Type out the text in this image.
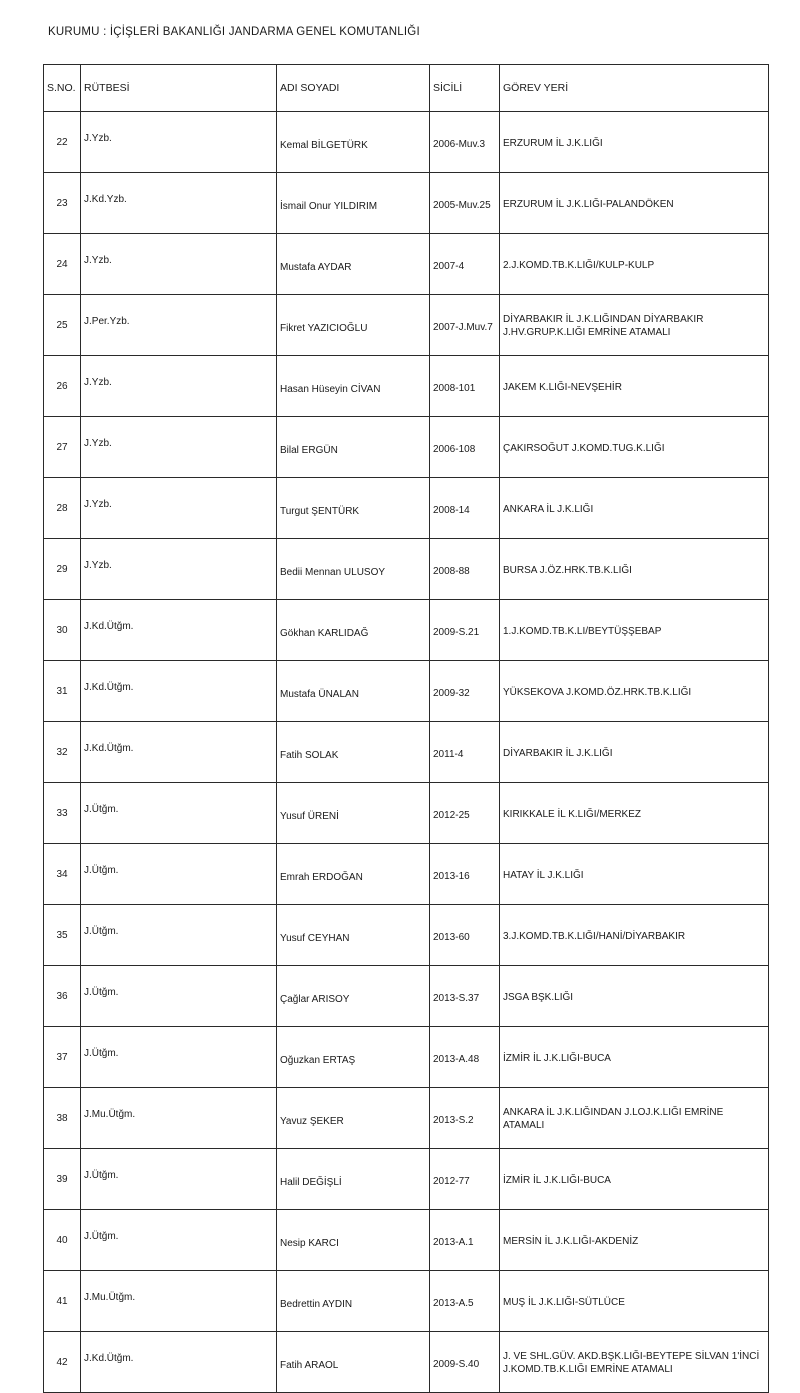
KURUMU : İÇİŞLERİ BAKANLIĞI JANDARMA GENEL KOMUTANLIĞI
S.NO.	RÜTBESİ	ADI SOYADI	SİCİLİ	GÖREV YERİ
22	J.Yzb.	Kemal BİLGETÜRK	2006-Muv.3	ERZURUM İL J.K.LIĞI
23	J.Kd.Yzb.	İsmail Onur YILDIRIM	2005-Muv.25	ERZURUM İL J.K.LIĞI-PALANDÖKEN
24	J.Yzb.	Mustafa AYDAR	2007-4	2.J.KOMD.TB.K.LIĞI/KULP-KULP
25	J.Per.Yzb.	Fikret YAZICIOĞLU	2007-J.Muv.7	DİYARBAKIR İL J.K.LIĞINDAN DİYARBAKIR J.HV.GRUP.K.LIĞI EMRİNE ATAMALI
26	J.Yzb.	Hasan Hüseyin CİVAN	2008-101	JAKEM K.LIĞI-NEVŞEHİR
27	J.Yzb.	Bilal ERGÜN	2006-108	ÇAKIRSOĞUT J.KOMD.TUG.K.LIĞI
28	J.Yzb.	Turgut ŞENTÜRK	2008-14	ANKARA İL J.K.LIĞI
29	J.Yzb.	Bedii Mennan ULUSOY	2008-88	BURSA J.ÖZ.HRK.TB.K.LIĞI
30	J.Kd.Ütğm.	Gökhan KARLIDAĞ	2009-S.21	1.J.KOMD.TB.K.LI/BEYTÜŞŞEBAP
31	J.Kd.Ütğm.	Mustafa ÜNALAN	2009-32	YÜKSEKOVA J.KOMD.ÖZ.HRK.TB.K.LIĞI
32	J.Kd.Ütğm.	Fatih SOLAK	2011-4	DİYARBAKIR İL J.K.LIĞI
33	J.Ütğm.	Yusuf ÜRENİ	2012-25	KIRIKKALE İL K.LIĞI/MERKEZ
34	J.Ütğm.	Emrah ERDOĞAN	2013-16	HATAY İL J.K.LIĞI
35	J.Ütğm.	Yusuf CEYHAN	2013-60	3.J.KOMD.TB.K.LIĞI/HANİ/DİYARBAKIR
36	J.Ütğm.	Çağlar ARISOY	2013-S.37	JSGA BŞK.LIĞI
37	J.Ütğm.	Oğuzkan ERTAŞ	2013-A.48	İZMİR İL J.K.LIĞI-BUCA
38	J.Mu.Ütğm.	Yavuz ŞEKER	2013-S.2	ANKARA İL J.K.LIĞINDAN J.LOJ.K.LIĞI EMRİNE ATAMALI
39	J.Ütğm.	Halil DEĞİŞLİ	2012-77	İZMİR İL J.K.LIĞI-BUCA
40	J.Ütğm.	Nesip KARCI	2013-A.1	MERSİN İL J.K.LIĞI-AKDENİZ
41	J.Mu.Ütğm.	Bedrettin AYDIN	2013-A.5	MUŞ İL J.K.LIĞI-SÜTLÜCE
42	J.Kd.Ütğm.	Fatih ARAOL	2009-S.40	J. VE SHL.GÜV. AKD.BŞK.LIĞI-BEYTEPE SİLVAN 1'İNCİ J.KOMD.TB.K.LIĞI EMRİNE ATAMALI
